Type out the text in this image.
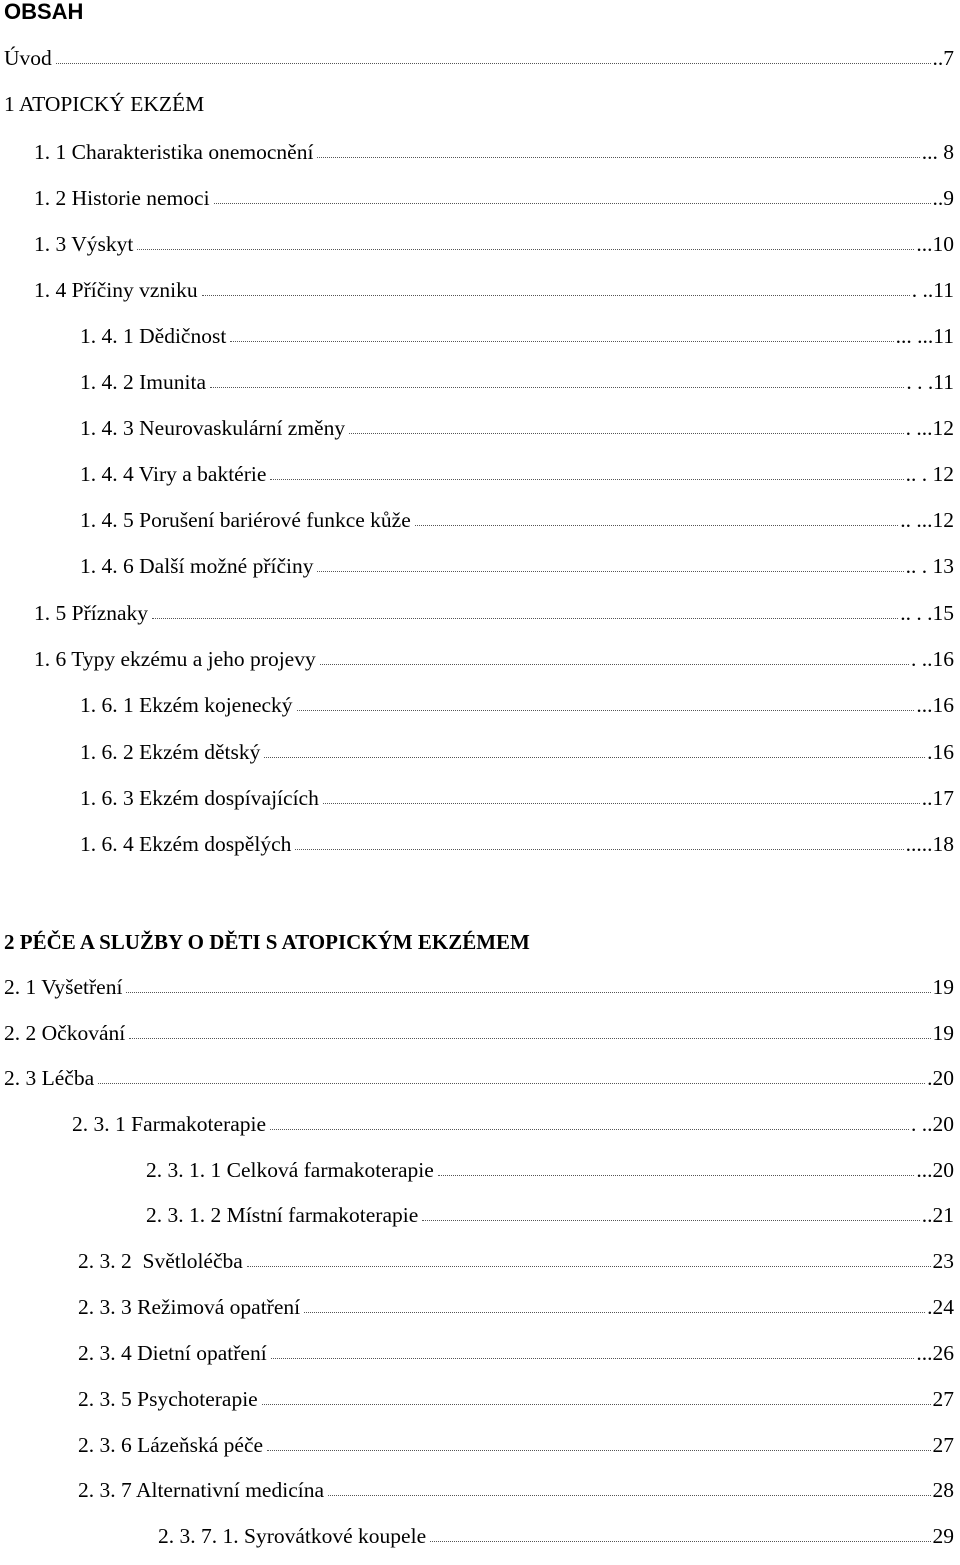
OBSAH
Úvod	..7
1 ATOPICKÝ EKZÉM
1. 1 Charakteristika onemocnění	... 8
1. 2 Historie nemoci	..9
1. 3 Výskyt	...10
1. 4 Příčiny vzniku	. ..11
1. 4. 1 Dědičnost	... ...11
1. 4. 2 Imunita	. . .11
1. 4. 3 Neurovaskulární změny	. ...12
1. 4. 4 Viry a baktérie	.. . 12
1. 4. 5 Porušení bariérové funkce kůže	.. ...12
1. 4. 6 Další možné příčiny	.. . 13
1. 5 Příznaky	.. . .15
1. 6 Typy ekzému a jeho projevy	. ..16
1. 6. 1 Ekzém kojenecký	...16
1. 6. 2 Ekzém dětský	.16
1. 6. 3 Ekzém dospívajících	..17
1. 6. 4 Ekzém dospělých	.....18
2 PÉČE A SLUŽBY O DĚTI S ATOPICKÝM EKZÉMEM
2. 1 Vyšetření	19
2. 2 Očkování	19
2. 3 Léčba	.20
2. 3. 1 Farmakoterapie	. ..20
2. 3. 1. 1 Celková farmakoterapie	...20
2. 3. 1. 2 Místní farmakoterapie	..21
2. 3. 2  Světloléčba	23
2. 3. 3 Režimová opatření	.24
2. 3. 4 Dietní opatření	...26
2. 3. 5 Psychoterapie	27
2. 3. 6 Lázeňská péče	27
2. 3. 7 Alternativní medicína	28
2. 3. 7. 1. Syrovátkové koupele	29
